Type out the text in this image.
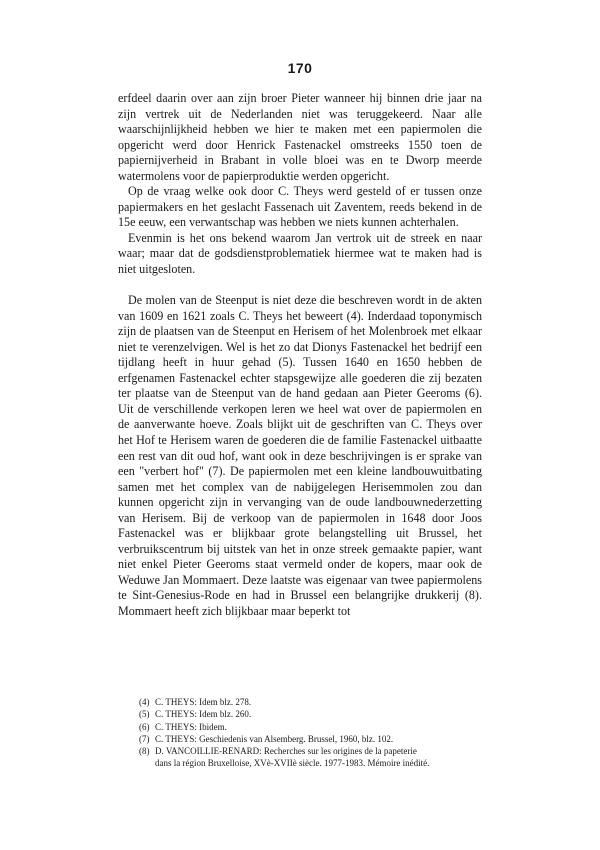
170

erfdeel daarin over aan zijn broer Pieter wanneer hij binnen drie jaar na zijn vertrek uit de Nederlanden niet was teruggekeerd. Naar alle waarschijnlijkheid hebben we hier te maken met een papiermolen die opgericht werd door Henrick Fastenackel omstreeks 1550 toen de papiernijverheid in Brabant in volle bloei was en te Dworp meerde watermolens voor de papierproduktie werden opgericht.

Op de vraag welke ook door C. Theys werd gesteld of er tussen onze papiermakers en het geslacht Fassenach uit Zaventem, reeds bekend in de 15e eeuw, een verwantschap was hebben we niets kunnen achterhalen.

Evenmin is het ons bekend waarom Jan vertrok uit de streek en naar waar; maar dat de godsdienstproblematiek hiermee wat te maken had is niet uitgesloten.

De molen van de Steenput is niet deze die beschreven wordt in de akten van 1609 en 1621 zoals C. Theys het beweert (4). Inderdaad toponymisch zijn de plaatsen van de Steenput en Herisem of het Molenbroek met elkaar niet te verenzelvigen. Wel is het zo dat Dionys Fastenackel het bedrijf een tijdlang heeft in huur gehad (5). Tussen 1640 en 1650 hebben de erfgenamen Fastenackel echter stapsgewijze alle goederen die zij bezaten ter plaatse van de Steenput van de hand gedaan aan Pieter Geeroms (6). Uit de verschillende verkopen leren we heel wat over de papiermolen en de aanverwante hoeve. Zoals blijkt uit de geschriften van C. Theys over het Hof te Herisem waren de goederen die de familie Fastenackel uitbaatte een rest van dit oud hof, want ook in deze beschrijvingen is er sprake van een "verbert hof" (7). De papiermolen met een kleine landbouwuitbating samen met het complex van de nabijgelegen Herisemmolen zou dan kunnen opgericht zijn in vervanging van de oude landbouwnederzetting van Herisem. Bij de verkoop van de papiermolen in 1648 door Joos Fastenackel was er blijkbaar grote belangstelling uit Brussel, het verbruikscentrum bij uitstek van het in onze streek gemaakte papier, want niet enkel Pieter Geeroms staat vermeld onder de kopers, maar ook de Weduwe Jan Mommaert. Deze laatste was eigenaar van twee papiermolens te Sint-Genesius-Rode en had in Brussel een belangrijke drukkerij (8). Mommaert heeft zich blijkbaar maar beperkt tot

(4) C. THEYS: Idem blz. 278.
(5) C. THEYS: Idem blz. 260.
(6) C. THEYS: Ibidem.
(7) C. THEYS: Geschiedenis van Alsemberg. Brussel, 1960, blz. 102.
(8) D. VANCOILLIE-RENARD: Recherches sur les origines de la papeterie
dans la région Bruxelloise, XVè-XVIIè siècle. 1977-1983. Mémoire inédité.
